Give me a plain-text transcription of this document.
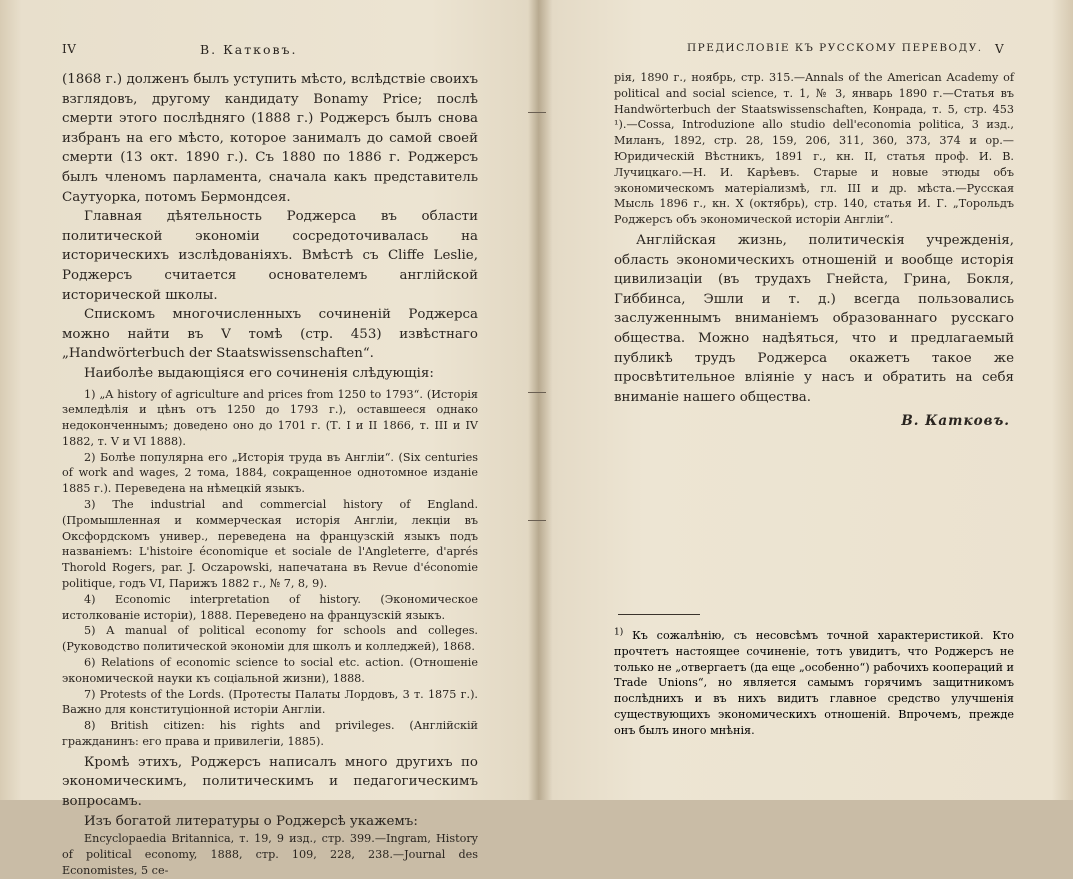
IV	В. Катковъ.

(1868 г.) долженъ былъ уступить мѣсто, вслѣдствіе своихъ взглядовъ, другому кандидату Bonamy Price; послѣ смерти этого послѣдняго (1888 г.) Роджерсъ былъ снова избранъ на его мѣсто, которое занималъ до самой своей смерти (13 окт. 1890 г.). Съ 1880 по 1886 г. Роджерсъ былъ членомъ парламента, сначала какъ представитель Саутуорка, потомъ Бермондсея.

Главная дѣятельность Роджерса въ области политической экономіи сосредоточивалась на историческихъ изслѣдованіяхъ. Вмѣстѣ съ Cliffe Leslie, Роджерсъ считается основателемъ англійской исторической школы.

Спискомъ многочисленныхъ сочиненій Роджерса можно найти въ V томѣ (стр. 453) извѣстнаго „Handwörterbuch der Staatswissenschaften“.

Наиболѣе выдающіяся его сочиненія слѣдующія:

1) „A history of agriculture and prices from 1250 to 1793“. (Исторія земледѣлія и цѣнъ отъ 1250 до 1793 г.), оставшееся однако недоконченнымъ; доведено оно до 1701 г. (Т. I и II 1866, т. III и IV 1882, т. V и VI 1888).

2) Болѣе популярна его „Исторія труда въ Англіи“. (Six centuries of work and wages, 2 тома, 1884, сокращенное однотомное изданіе 1885 г.). Переведена на нѣмецкій языкъ.

3) The industrial and commercial history of England. (Промышленная и коммерческая исторія Англіи, лекціи въ Оксфордскомъ универ., переведена на французскій языкъ подъ названіемъ: L'histoire économique et sociale de l'Angleterre, d'aprés Thorold Rogers, par. J. Oczapowski, напечатана въ Revue d'économie politique, годъ VI, Парижъ 1882 г., № 7, 8, 9).

4) Economic interpretation of history. (Экономическое истолкованіе исторіи), 1888. Переведено на французскій языкъ.

5) A manual of political economy for schools and colleges. (Руководство политической экономіи для школъ и колледжей), 1868.

6) Relations of economic science to social etc. action. (Отношеніе экономической науки къ соціальной жизни), 1888.

7) Protests of the Lords. (Протесты Палаты Лордовъ, 3 т. 1875 г.). Важно для конституціонной исторіи Англіи.

8) British citizen: his rights and privileges. (Англійскій гражданинъ: его права и привилегіи, 1885).

Кромѣ этихъ, Роджерсъ написалъ много другихъ по экономическимъ, политическимъ и педагогическимъ вопросамъ.

Изъ богатой литературы о Роджерсѣ укажемъ:

Encyclopaedia Britannica, т. 19, 9 изд., стр. 399.—Ingram, History of political economy, 1888, стр. 109, 228, 238.—Journal des Economistes, 5 се-

ПРЕДИСЛОВІЕ КЪ РУССКОМУ ПЕРЕВОДУ. V

рія, 1890 г., ноябрь, стр. 315.—Annals of the American Academy of political and social science, т. 1, № 3, январь 1890 г.—Статья въ Handwörterbuch der Staatswissenschaften, Конрада, т. 5, стр. 453 ¹).—Cossa, Introduzione allo studio dell'economia politica, 3 изд., Миланъ, 1892, стр. 28, 159, 206, 311, 360, 373, 374 и ор.—Юридическій Вѣстникъ, 1891 г., кн. II, статья проф. И. В. Лучицкаго.—Н. И. Карѣевъ. Старые и новые этюды объ экономическомъ матеріализмѣ, гл. III и др. мѣста.—Русская Мысль 1896 г., кн. X (октябрь), стр. 140, статья И. Г. „Торольдъ Роджерсъ объ экономической исторіи Англіи“.

Англійская жизнь, политическія учрежденія, область экономическихъ отношеній и вообще исторія цивилизаціи (въ трудахъ Гнейста, Грина, Бокля, Гиббинса, Эшли и т. д.) всегда пользовались заслуженнымъ вниманіемъ образованнаго русскаго общества. Можно надѣяться, что и предлагаемый публикѣ трудъ Роджерса окажетъ такое же просвѣтительное вліяніе у насъ и обратить на себя вниманіе нашего общества.

В. Катковъ.
$^{1)}$ Къ сожалѣнію, съ несовсѣмъ точной характеристикой. Кто прочтетъ настоящее сочиненіе, тотъ увидитъ, что Роджерсъ не только не „отвергаетъ (да еще „особенно“) рабочихъ коопераций и Trade Unions“, но является самымъ горячимъ защитникомъ послѣднихъ и въ нихъ видитъ главное средство улучшенія существующихъ экономическихъ отношеній. Впрочемъ, прежде онъ былъ иного мнѣнія.
